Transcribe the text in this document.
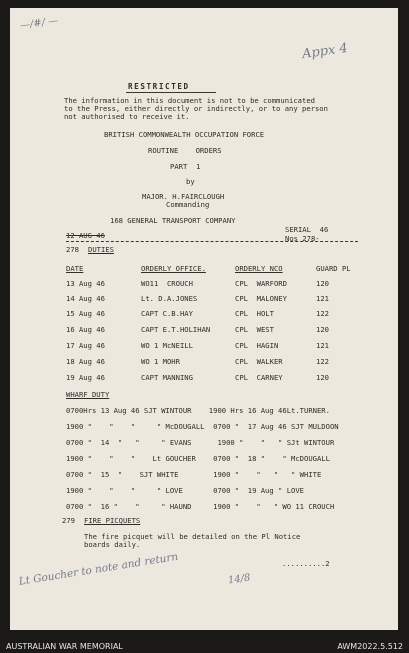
—/#/ —
Appx 4
RESTRICTED
The information in this document is not to be communicated
to the Press, either directly or indirectly, or to any person
not authorised to receive it.
BRITISH COMMONWEALTH OCCUPATION FORCE
ROUTINE    ORDERS
PART  1
by
MAJOR. H.FAIRCLOUGH
Commanding
168 GENERAL TRANSPORT COMPANY
12 AUG 46
SERIAL  46
Nos 278-
278 DUTIES
DATE	ORDERLY OFFICE.	ORDERLY NCO	GUARD PL
13 Aug 46	WO11  CROUCH	CPL  WARFORD	120
14 Aug 46	Lt. D.A.JONES	CPL  MALONEY	121
15 Aug 46	CAPT C.B.HAY	CPL  HOLT	122
16 Aug 46	CAPT E.T.HOLIHAN	CPL  WEST	120
17 Aug 46	WO 1 McNEILL	CPL  HAGIN	121
18 Aug 46	WO 1 MOHR	CPL  WALKER	122
19 Aug 46	CAPT MANNING	CPL  CARNEY	120
WHARF DUTY
0700Hrs 13 Aug 46 SJT WINTOUR    1900 Hrs 16 Aug 46Lt.TURNER.
1900 "    "    "     " McDOUGALL  0700 "  17 Aug 46 SJT MULDOON
0700 "  14  "   "     " EVANS      1900 "    "   " SJt WINTOUR
1900 "    "    "    Lt GOUCHER    0700 "  18 "    " McDOUGALL
0700 "  15  "    SJT WHITE        1900 "    "   "   " WHITE
1900 "    "    "     " LOVE       0700 "  19 Aug " LOVE
0700 "  16 "    "     " HAUND     1900 "    "   " WO 11 CROUCH
279 FIRE PICQUETS
The fire picquet will be detailed on the Pl Notice
boards daily.
..........2
Lt Goucher to note and return	14/8
AUSTRALIAN WAR MEMORIAL	AWM2022.5.512
